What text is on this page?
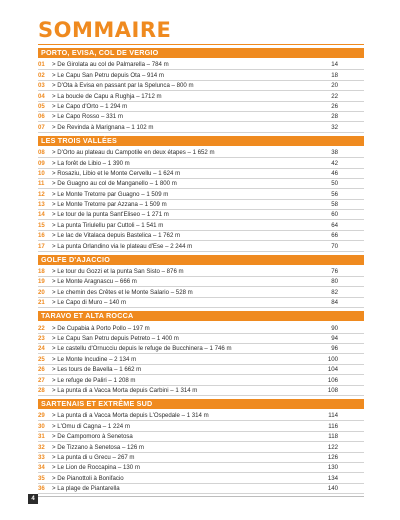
SOMMAIRE
PORTO, EVISA, COL DE VERGIO
01	> De Girolata au col de Palmarella – 784 m	14
02	> Le Capu San Petru depuis Ota – 914 m	18
03	> D'Ota à Evisa en passant par la Spelunca – 800 m	20
04	> La boucle de Capu a Rughja – 1712 m	22
05	> Le Capo d'Orto – 1 294 m	26
06	> Le Capo Rosso – 331 m	28
07	> De Revinda à Marignana – 1 102 m	32
LES TROIS VALLÉES
08	> D'Orto au plateau du Campotile en deux étapes – 1 652 m	38
09	> La forêt de Libio – 1 390 m	42
10	> Rosaziu, Libio et le Monte Cervellu – 1 624 m	46
11	> De Guagno au col de Manganello – 1 800 m	50
12	> Le Monte Tretorre par Guagno – 1 509 m	56
13	> Le Monte Tretorre par Azzana – 1 509 m	58
14	> Le tour de la punta Sant'Eliseo – 1 271 m	60
15	> La punta Tiriulellu par Cuttoli – 1 541 m	64
16	> Le lac de Vitalaca depuis Bastelica – 1 762 m	66
17	> La punta Orlandino via le plateau d'Ese – 2 244 m	70
GOLFE D'AJACCIO
18	> Le tour du Gozzi et la punta San Sisto – 876 m	76
19	> Le Monte Aragnascu – 666 m	80
20	> Le chemin des Crêtes et le Monte Salario – 528 m	82
21	> Le Capo di Muro – 140 m	84
TARAVO ET ALTA ROCCA
22	> De Cupabia à Porto Pollo – 197 m	90
23	> Le Capu San Petru depuis Petreto – 1 400 m	94
24	> Le castellu d'Ornucciu depuis le refuge de Bucchinera – 1 746 m	96
25	> Le Monte Incudine – 2 134 m	100
26	> Les tours de Bavella – 1 662 m	104
27	> Le refuge de Paliri – 1 208 m	106
28	> La punta di a Vacca Morta depuis Carbini – 1 314 m	108
SARTENAIS ET EXTRÊME SUD
29	> La punta di a Vacca Morta depuis L'Ospedale – 1 314 m	114
30	> L'Omu di Cagna – 1 224 m	116
31	> De Campomoro à Senetosa	118
32	> De Tizzano à Senetosa – 126 m	122
33	> La punta di u Grecu – 267 m	126
34	> Le Lion de Roccapina – 130 m	130
35	> De Pianottoli à Bonifacio	134
36	> La plage de Piantarella	140
4
